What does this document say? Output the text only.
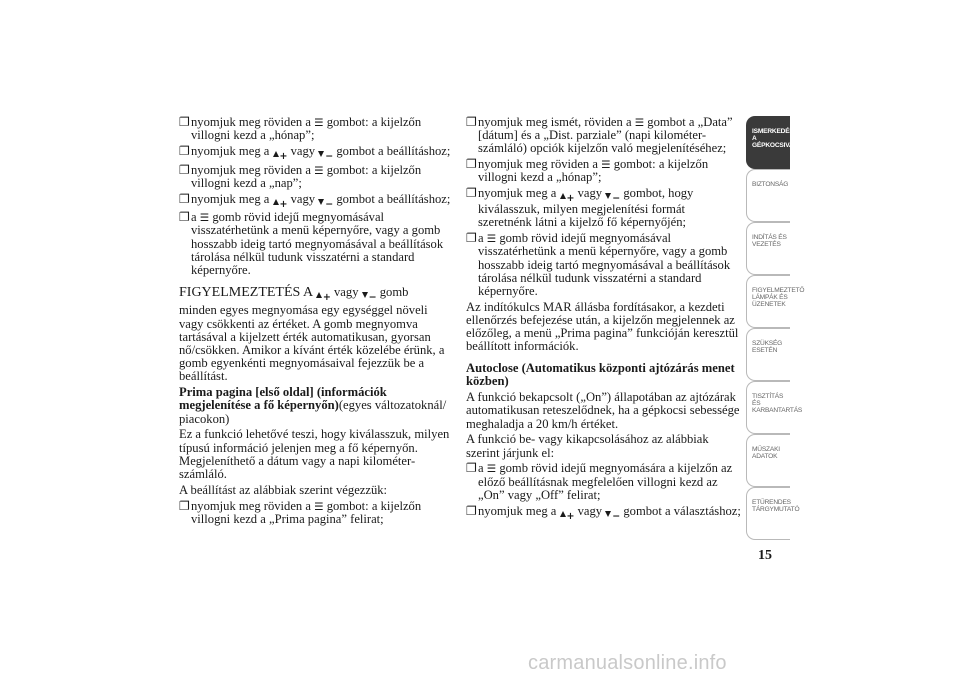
❐ nyomjuk meg röviden a ☰ gombot: a kijelzőn villogni kezd a „hónap”;
❐ nyomjuk meg a + vagy − gombot a beállításhoz;
❐ nyomjuk meg röviden a ☰ gombot: a kijelzőn villogni kezd a „nap”;
❐ nyomjuk meg a + vagy − gombot a beállításhoz;
❐ a ☰ gomb rövid idejű megnyomásával visszatérhetünk a menü képernyőre, vagy a gomb hosszabb ideig tartó megnyomásával a beállítások tárolása nélkül tudunk visszatérni a standard képernyőre.
FIGYELMEZTETÉS A + vagy − gomb
minden egyes megnyomása egy egységgel növeli vagy csökkenti az értéket. A gomb megnyomva tartásával a kijelzett érték automatikusan, gyorsan nő/csökken. Amikor a kívánt érték közelébe érünk, a gomb egyenkénti megnyomásaival fejezzük be a beállítást.
Prima pagina [első oldal] (információk megjelenítése a fő képernyőn)(egyes változatoknál/ piacokon)
Ez a funkció lehetővé teszi, hogy kiválasszuk, milyen típusú információ jelenjen meg a fő képernyőn. Megjeleníthető a dátum vagy a napi kilométer-számláló.
A beállítást az alábbiak szerint végezzük:
❐ nyomjuk meg röviden a ☰ gombot: a kijelzőn villogni kezd a „Prima pagina” felirat;
❐ nyomjuk meg ismét, röviden a ☰ gombot a „Data” [dátum] és a „Dist. parziale” (napi kilométer-számláló) opciók kijelzőn való megjelenítéséhez;
❐ nyomjuk meg röviden a ☰ gombot: a kijelzőn villogni kezd a „hónap”;
❐ nyomjuk meg a + vagy − gombot, hogy kiválasszuk, milyen megjelenítési formát szeretnénk látni a kijelző fő képernyőjén;
❐ a ☰ gomb rövid idejű megnyomásával visszatérhetünk a menü képernyőre, vagy a gomb hosszabb ideig tartó megnyomásával a beállítások tárolása nélkül tudunk visszatérni a standard képernyőre.
Az indítókulcs MAR állásba fordításakor, a kezdeti ellenőrzés befejezése után, a kijelzőn megjelennek az előzőleg, a menü „Prima pagina” funkcióján keresztül beállított információk.
Autoclose (Automatikus központi ajtózárás menet közben)
A funkció bekapcsolt („On”) állapotában az ajtózárak automatikusan reteszelődnek, ha a gépkocsi sebessége meghaladja a 20 km/h értéket.
A funkció be- vagy kikapcsolásához az alábbiak szerint járjunk el:
❐ a ☰ gomb rövid idejű megnyomására a kijelzőn az előző beállításnak megfelelően villogni kezd az „On” vagy „Off” felirat;
❐ nyomjuk meg a + vagy − gombot a választáshoz;
ISMERKEDÉS A
GÉPKOCSIVAL
BIZTONSÁG
INDÍTÁS ÉS
VEZETÉS
FIGYELMEZTETŐ
LÁMPÁK ÉS
ÜZENETEK
SZÜKSÉG ESETÉN
TISZTÍTÁS ÉS
KARBANTARTÁS
MŰSZAKI ADATOK
ETŰRENDES
TÁRGYMUTATÓ
15
carmanualsonline.info
